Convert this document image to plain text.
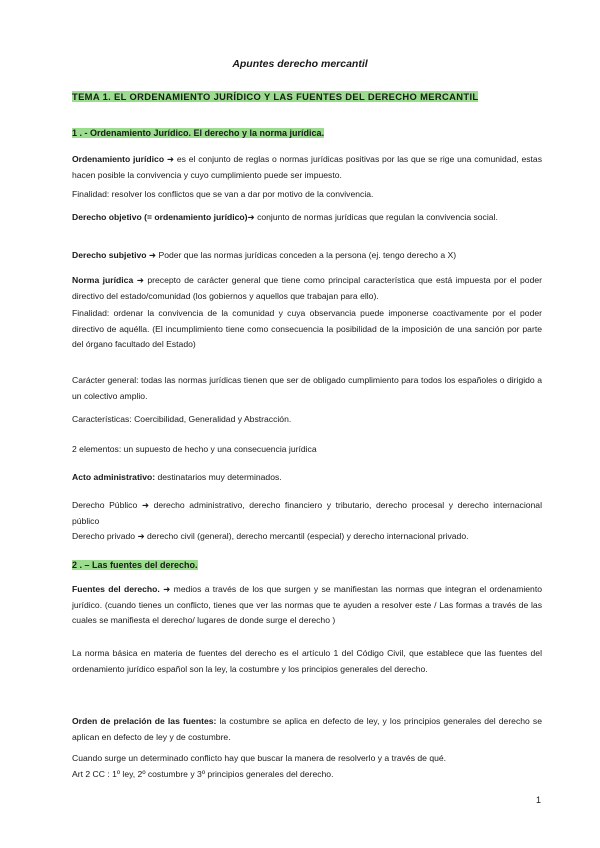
Apuntes derecho mercantil
TEMA 1. EL ORDENAMIENTO JURÍDICO Y LAS FUENTES DEL DERECHO MERCANTIL
1 . - Ordenamiento Jurídico. El derecho y la norma jurídica.
Ordenamiento jurídico ➜ es el conjunto de reglas o normas jurídicas positivas por las que se rige una comunidad, estas hacen posible la convivencia y cuyo cumplimiento puede ser impuesto.
Finalidad: resolver los conflictos que se van a dar por motivo de la convivencia.
Derecho objetivo (= ordenamiento jurídico)➜ conjunto de normas jurídicas que regulan la convivencia social.
Derecho subjetivo ➜ Poder que las normas jurídicas conceden a la persona (ej. tengo derecho a X)
Norma jurídica ➜ precepto de carácter general que tiene como principal característica que está impuesta por el poder directivo del estado/comunidad (los gobiernos y aquellos que trabajan para ello).
Finalidad: ordenar la convivencia de la comunidad y cuya observancia puede imponerse coactivamente por el poder directivo de aquélla. (El incumplimiento tiene como consecuencia la posibilidad de la imposición de una sanción por parte del órgano facultado del Estado)
Carácter general: todas las normas jurídicas tienen que ser de obligado cumplimiento para todos los españoles o dirigido a un colectivo amplio.
Características: Coercibilidad, Generalidad y Abstracción.
2 elementos: un supuesto de hecho y una consecuencia jurídica
Acto administrativo: destinatarios muy determinados.
Derecho Público ➜ derecho administrativo, derecho financiero y tributario, derecho procesal y derecho internacional público
Derecho privado ➜ derecho civil (general), derecho mercantil (especial) y derecho internacional privado.
2 . – Las fuentes del derecho.
Fuentes del derecho. ➜ medios a través de los que surgen y se manifiestan las normas que integran el ordenamiento jurídico. (cuando tienes un conflicto, tienes que ver las normas que te ayuden a resolver este / Las formas a través de las cuales se manifiesta el derecho/ lugares de donde surge el derecho )
La norma básica en materia de fuentes del derecho es el artículo 1 del Código Civil, que establece que las fuentes del ordenamiento jurídico español son la ley, la costumbre y los principios generales del derecho.
Orden de prelación de las fuentes: la costumbre se aplica en defecto de ley, y los principios generales del derecho se aplican en defecto de ley y de costumbre.
Cuando surge un determinado conflicto hay que buscar la manera de resolverlo y a través de qué.
Art 2 CC : 1º ley, 2º costumbre y 3º principios generales del derecho.
1
